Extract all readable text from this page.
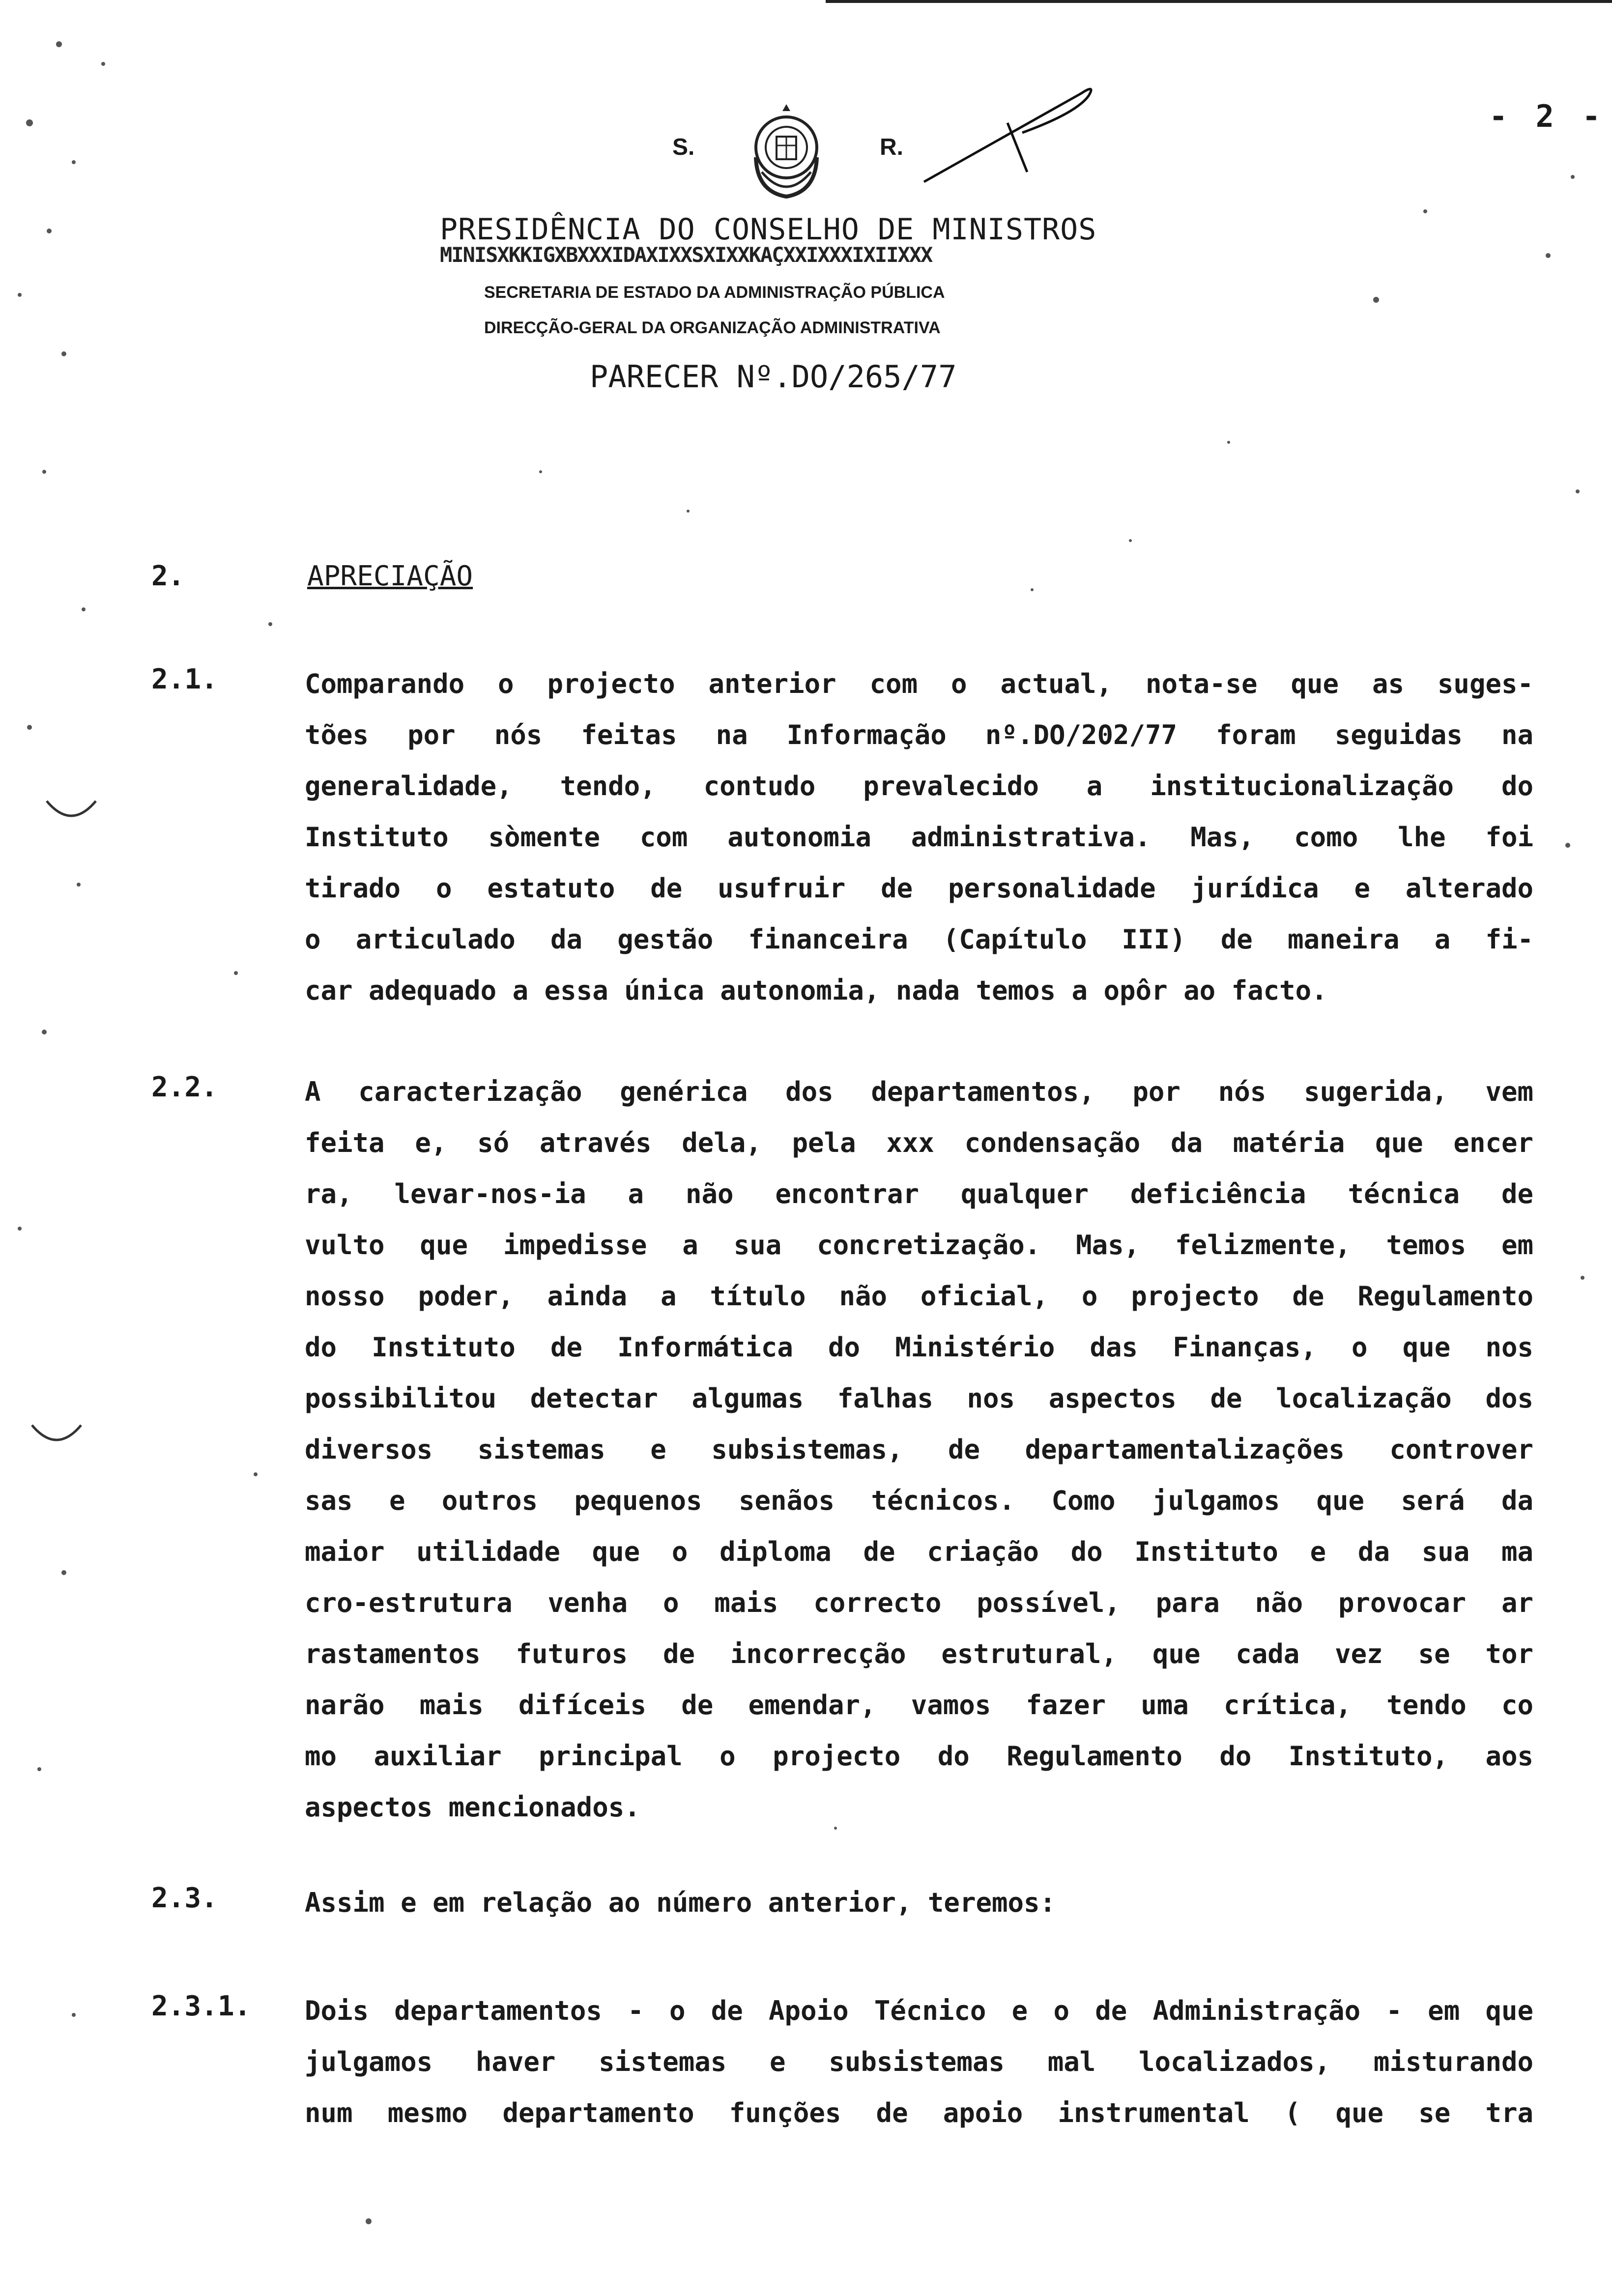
- 2 -
S.	R.
PRESIDÊNCIA DO CONSELHO DE MINISTROS
MINISXKKIGXBXXXIDAXIXXSXIXXKAÇXXIXXXIXIIXXX
SECRETARIA DE ESTADO DA ADMINISTRAÇÃO PÚBLICA
DIRECÇÃO-GERAL DA ORGANIZAÇÃO ADMINISTRATIVA
PARECER Nº.DO/265/77
2.	APRECIAÇÃO
2.1.	Comparando o projecto anterior com o actual, nota-se que as suges-

tões por nós feitas na Informação nº.DO/202/77 foram seguidas na

generalidade, tendo, contudo prevalecido a institucionalização do

Instituto sòmente com autonomia administrativa. Mas, como lhe foi

tirado o estatuto de usufruir de personalidade jurídica e alterado

o articulado da gestão financeira (Capítulo III) de maneira a fi-

car adequado a essa única autonomia, nada temos a opôr ao facto.

2.2.	A caracterização genérica dos departamentos, por nós sugerida, vem

feita e, só através dela, pela xxx condensação da matéria que encer

ra, levar-nos-ia a não encontrar qualquer deficiência técnica de

vulto que impedisse a sua concretização. Mas, felizmente, temos em

nosso poder, ainda a título não oficial, o projecto de Regulamento

do Instituto de Informática do Ministério das Finanças, o que nos

possibilitou detectar algumas falhas nos aspectos de localização dos

diversos sistemas e subsistemas, de departamentalizações controver

sas e outros pequenos senãos técnicos. Como julgamos que será da

maior utilidade que o diploma de criação do Instituto e da sua ma

cro-estrutura venha o mais correcto possível, para não provocar ar

rastamentos futuros de incorrecção estrutural, que cada vez se tor

narão mais difíceis de emendar, vamos fazer uma crítica, tendo co

mo auxiliar principal o projecto do Regulamento do Instituto, aos

aspectos mencionados.

2.3.	Assim e em relação ao número anterior, teremos:

2.3.1. Dois departamentos - o de Apoio Técnico e o de Administração - em que

julgamos haver sistemas e subsistemas mal localizados, misturando

num mesmo departamento funções de apoio instrumental ( que se tra
